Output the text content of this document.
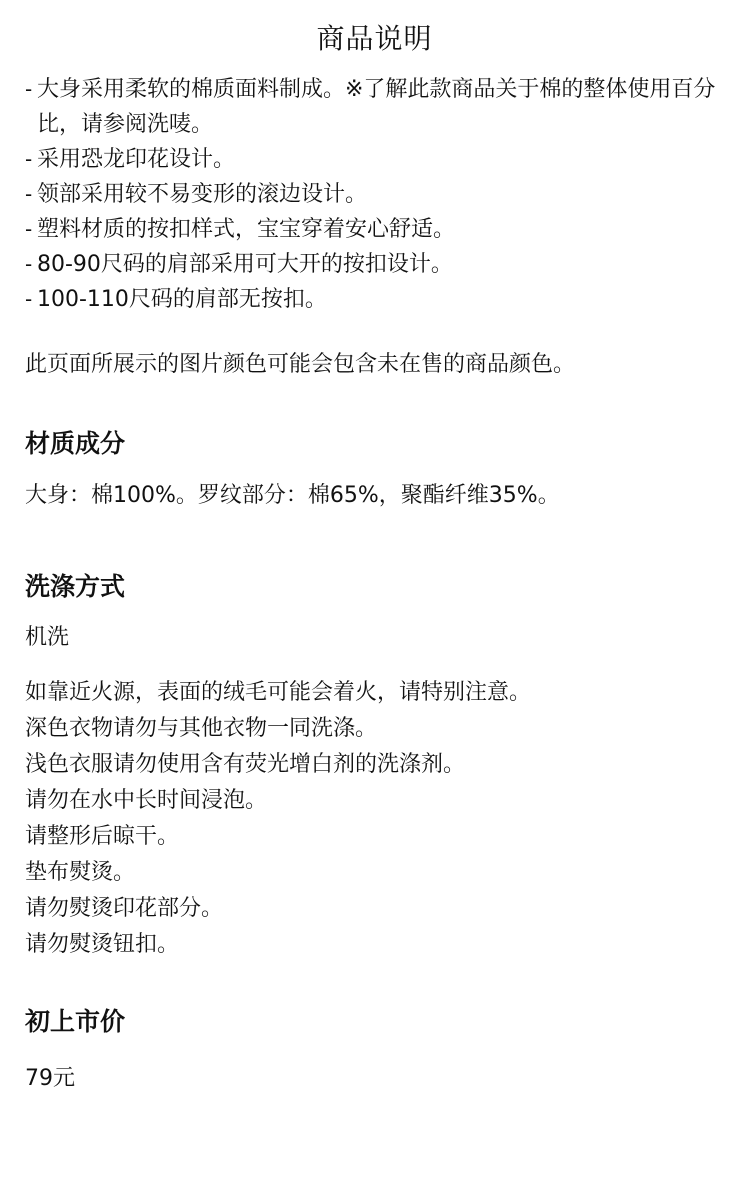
商品说明
- 大身采用柔软的棉质面料制成。※了解此款商品关于棉的整体使用百分比，请参阅洗唛。
- 采用恐龙印花设计。
- 领部采用较不易变形的滚边设计。
- 塑料材质的按扣样式，宝宝穿着安心舒适。
- 80-90尺码的肩部采用可大开的按扣设计。
- 100-110尺码的肩部无按扣。

此页面所展示的图片颜色可能会包含未在售的商品颜色。

材质成分
大身：棉100%。罗纹部分：棉65%，聚酯纤维35%。
洗涤方式
机洗
如靠近火源，表面的绒毛可能会着火，请特别注意。
深色衣物请勿与其他衣物一同洗涤。
浅色衣服请勿使用含有荧光增白剂的洗涤剂。
请勿在水中长时间浸泡。
请整形后晾干。
垫布熨烫。
请勿熨烫印花部分。
请勿熨烫钮扣。
初上市价
79元
